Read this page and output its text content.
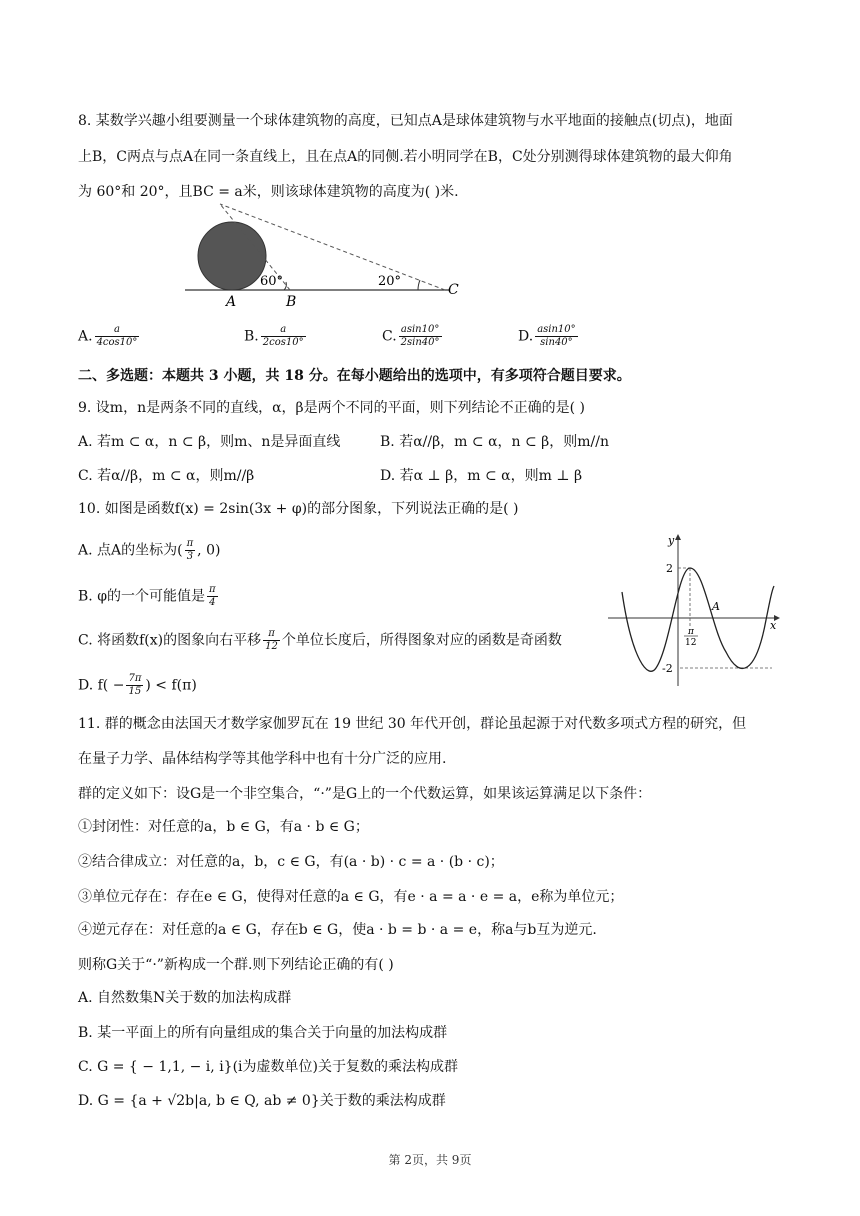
8. 某数学兴趣小组要测量一个球体建筑物的高度，已知点A是球体建筑物与水平地面的接触点(切点)，地面
上B，C两点与点A在同一条直线上，且在点A的同侧.若小明同学在B，C处分别测得球体建筑物的最大仰角
为 60°和 20°，且BC = a米，则该球体建筑物的高度为( )米.
60°	20°
A	B
C
A. $\frac{a}{4\cos 10^\circ}$	B. $\frac{a}{2\cos 10^\circ}$	C. $\frac{asin10^\circ}{2\sin 40^\circ}$	D. $\frac{asin10^\circ}{\sin 40^\circ}$
二、多选题：本题共 3 小题，共 18 分。在每小题给出的选项中，有多项符合题目要求。
9. 设m，n是两条不同的直线，α，β是两个不同的平面，则下列结论不正确的是( )
A. 若m ⊂ α，n ⊂ β，则m、n是异面直线	B. 若α//β，m ⊂ α，n ⊂ β，则m//n
C. 若α//β，m ⊂ α，则m//β	D. 若α ⊥ β，m ⊂ α，则m ⊥ β
10. 如图是函数f(x) = 2sin(3x + φ)的部分图象，下列说法正确的是( )
A. 点A的坐标为( $\frac{\pi}{3}$ , 0)
B. φ的一个可能值是 $\frac{\pi}{4}$
C. 将函数f(x)的图象向右平移 $\frac{\pi}{12}$ 个单位长度后，所得图象对应的函数是奇函数
D. $f( - \frac{7\pi}{15}$ ) < f(π)
y
x
2
-2
A
π
12
11. 群的概念由法国天才数学家伽罗瓦在 19 世纪 30 年代开创，群论虽起源于对代数多项式方程的研究，但
在量子力学、晶体结构学等其他学科中也有十分广泛的应用.
群的定义如下：设G是一个非空集合，“·”是G上的一个代数运算，如果该运算满足以下条件：
①封闭性：对任意的a，b ∈ G，有a · b ∈ G；
②结合律成立：对任意的a，b，c ∈ G，有(a · b) · c = a · (b · c)；
③单位元存在：存在e ∈ G，使得对任意的a ∈ G，有e · a = a · e = a，e称为单位元；
④逆元存在：对任意的a ∈ G，存在b ∈ G，使a · b = b · a = e，称a与b互为逆元.
则称G关于“·”新构成一个群.则下列结论正确的有( )
A. 自然数集N关于数的加法构成群
B. 某一平面上的所有向量组成的集合关于向量的加法构成群
C. G = { − 1,1, − i, i}(i为虚数单位)关于复数的乘法构成群
D. G = {a + √2b|a, b ∈ Q, ab ≠ 0}关于数的乘法构成群
第 2页，共 9页
